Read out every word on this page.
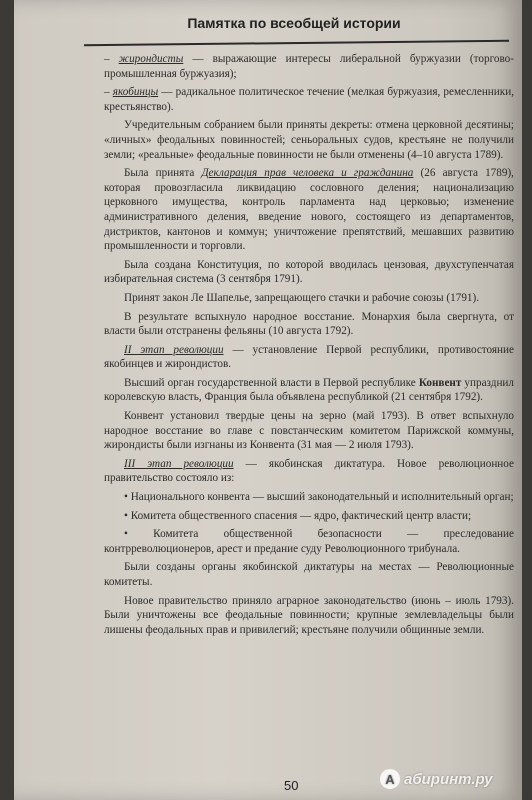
Памятка по всеобщей истории

– жирондисты — выражающие интересы либеральной буржуазии (торгово-промышленная буржуазия);

– якобинцы — радикальное политическое течение (мелкая буржуазия, ремесленники, крестьянство).

Учредительным собранием были приняты декреты: отмена церковной десятины; «личных» феодальных повинностей; сеньоральных судов, крестьяне не получили земли; «реальные» феодальные повинности не были отменены (4–10 августа 1789).

Была принята Декларация прав человека и гражданина (26 августа 1789), которая провозгласила ликвидацию сословного деления; национализацию церковного имущества, контроль парламента над церковью; изменение административного деления, введение нового, состоящего из департаментов, дистриктов, кантонов и коммун; уничтожение препятствий, мешавших развитию промышленности и торговли.

Была создана Конституция, по которой вводилась цензовая, двухступенчатая избирательная система (3 сентября 1791).

Принят закон Ле Шапелье, запрещающего стачки и рабочие союзы (1791).

В результате вспыхнуло народное восстание. Монархия была свергнута, от власти были отстранены фельяны (10 августа 1792).

II этап революции — установление Первой республики, противостояние якобинцев и жирондистов.

Высший орган государственной власти в Первой республике Конвент упразднил королевскую власть, Франция была объявлена республикой (21 сентября 1792).

Конвент установил твердые цены на зерно (май 1793). В ответ вспыхнуло народное восстание во главе с повстанческим комитетом Парижской коммуны, жирондисты были изгнаны из Конвента (31 мая — 2 июля 1793).

III этап революции — якобинская диктатура. Новое революционное правительство состояло из:

• Национального конвента — высший законодательный и исполнительный орган;

• Комитета общественного спасения — ядро, фактический центр власти;

• Комитета общественной безопасности — преследование контрреволюционеров, арест и предание суду Революционного трибунала.

Были созданы органы якобинской диктатуры на местах — Революционные комитеты.

Новое правительство приняло аграрное законодательство (июнь – июль 1793). Были уничтожены все феодальные повинности; крупные землевладельцы были лишены феодальных прав и привилегий; крестьяне получили общинные земли.

50	А абиринт.ру
